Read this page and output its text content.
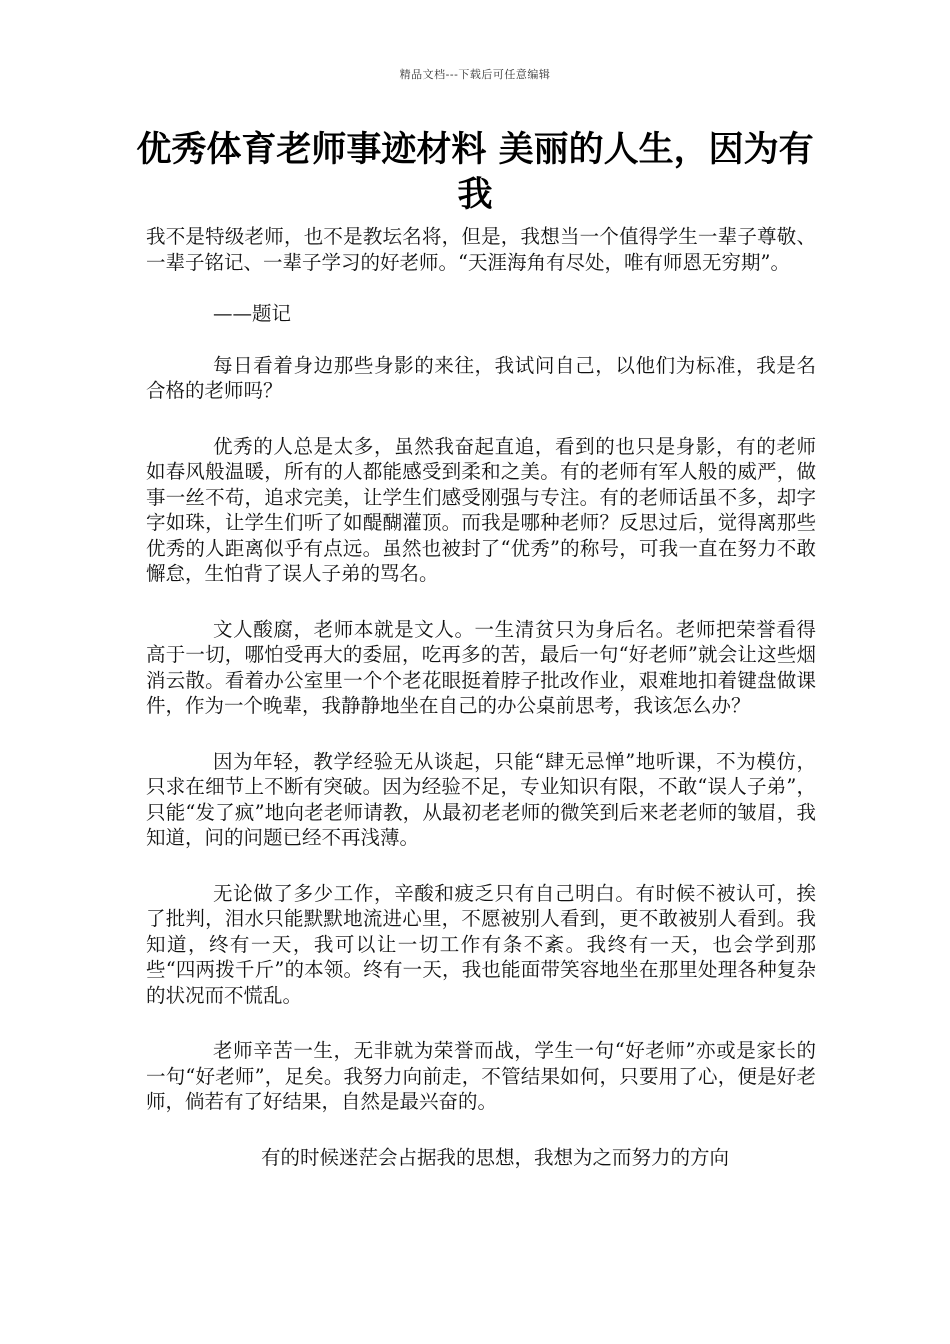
精品文档---下载后可任意编辑
优秀体育老师事迹材料 美丽的人生，因为有我

我不是特级老师，也不是教坛名将，但是，我想当一个值得学生一辈子尊敬、一辈子铭记、一辈子学习的好老师。“天涯海角有尽处，唯有师恩无穷期”。

——题记

每日看着身边那些身影的来往，我试问自己，以他们为标准，我是名合格的老师吗？

优秀的人总是太多，虽然我奋起直追，看到的也只是身影，有的老师如春风般温暖，所有的人都能感受到柔和之美。有的老师有军人般的威严，做事一丝不苟，追求完美，让学生们感受刚强与专注。有的老师话虽不多，却字字如珠，让学生们听了如醍醐灌顶。而我是哪种老师？反思过后，觉得离那些优秀的人距离似乎有点远。虽然也被封了“优秀”的称号，可我一直在努力不敢懈怠，生怕背了误人子弟的骂名。

文人酸腐，老师本就是文人。一生清贫只为身后名。老师把荣誉看得高于一切，哪怕受再大的委屈，吃再多的苦，最后一句“好老师”就会让这些烟消云散。看着办公室里一个个老花眼挺着脖子批改作业，艰难地扣着键盘做课件，作为一个晚辈，我静静地坐在自己的办公桌前思考，我该怎么办？

因为年轻，教学经验无从谈起，只能“肆无忌惮”地听课，不为模仿，只求在细节上不断有突破。因为经验不足，专业知识有限，不敢“误人子弟”，只能“发了疯”地向老老师请教，从最初老老师的微笑到后来老老师的皱眉，我知道，问的问题已经不再浅薄。

无论做了多少工作，辛酸和疲乏只有自己明白。有时候不被认可，挨了批判，泪水只能默默地流进心里，不愿被别人看到，更不敢被别人看到。我知道，终有一天，我可以让一切工作有条不紊。我终有一天，也会学到那些“四两拨千斤”的本领。终有一天，我也能面带笑容地坐在那里处理各种复杂的状况而不慌乱。

老师辛苦一生，无非就为荣誉而战，学生一句“好老师”亦或是家长的一句“好老师”，足矣。我努力向前走，不管结果如何，只要用了心，便是好老师，倘若有了好结果，自然是最兴奋的。

有的时候迷茫会占据我的思想，我想为之而努力的方向
